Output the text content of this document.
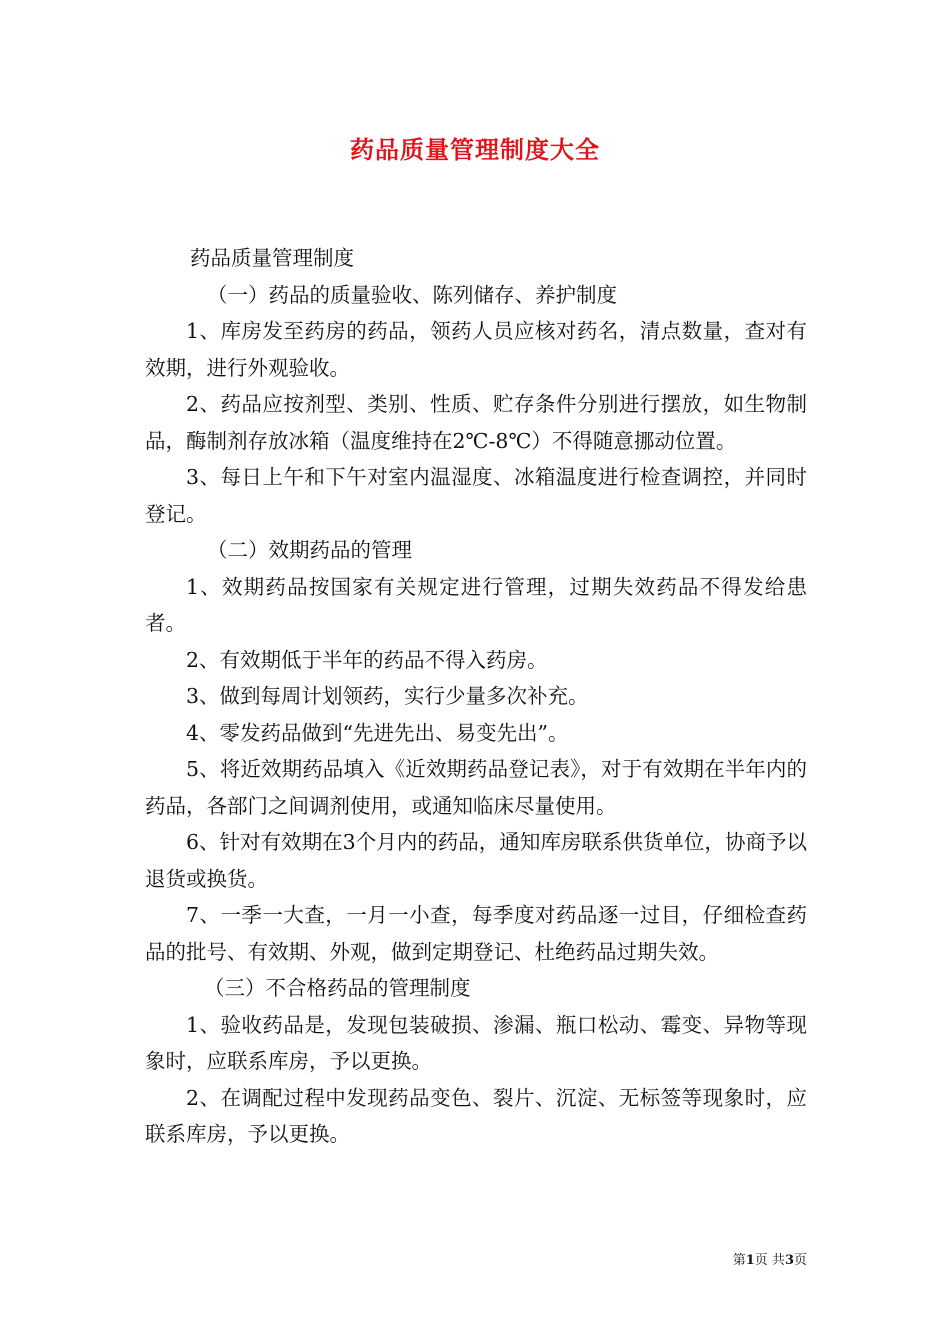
药品质量管理制度大全

药品质量管理制度

（一）药品的质量验收、陈列储存、养护制度

1、库房发至药房的药品，领药人员应核对药名，清点数量，查对有效期，进行外观验收。

2、药品应按剂型、类别、性质、贮存条件分别进行摆放，如生物制品，酶制剂存放冰箱（温度维持在2℃-8℃）不得随意挪动位置。

3、每日上午和下午对室内温湿度、冰箱温度进行检查调控，并同时登记。

（二）效期药品的管理

1、效期药品按国家有关规定进行管理，过期失效药品不得发给患者。

2、有效期低于半年的药品不得入药房。

3、做到每周计划领药，实行少量多次补充。

4、零发药品做到“先进先出、易变先出”。

5、将近效期药品填入《近效期药品登记表》，对于有效期在半年内的药品，各部门之间调剂使用，或通知临床尽量使用。

6、针对有效期在3个月内的药品，通知库房联系供货单位，协商予以退货或换货。

7、一季一大查，一月一小查，每季度对药品逐一过目，仔细检查药品的批号、有效期、外观，做到定期登记、杜绝药品过期失效。

（三）不合格药品的管理制度

1、验收药品是，发现包装破损、渗漏、瓶口松动、霉变、异物等现象时，应联系库房，予以更换。

2、在调配过程中发现药品变色、裂片、沉淀、无标签等现象时，应联系库房，予以更换。

第1页 共3页
